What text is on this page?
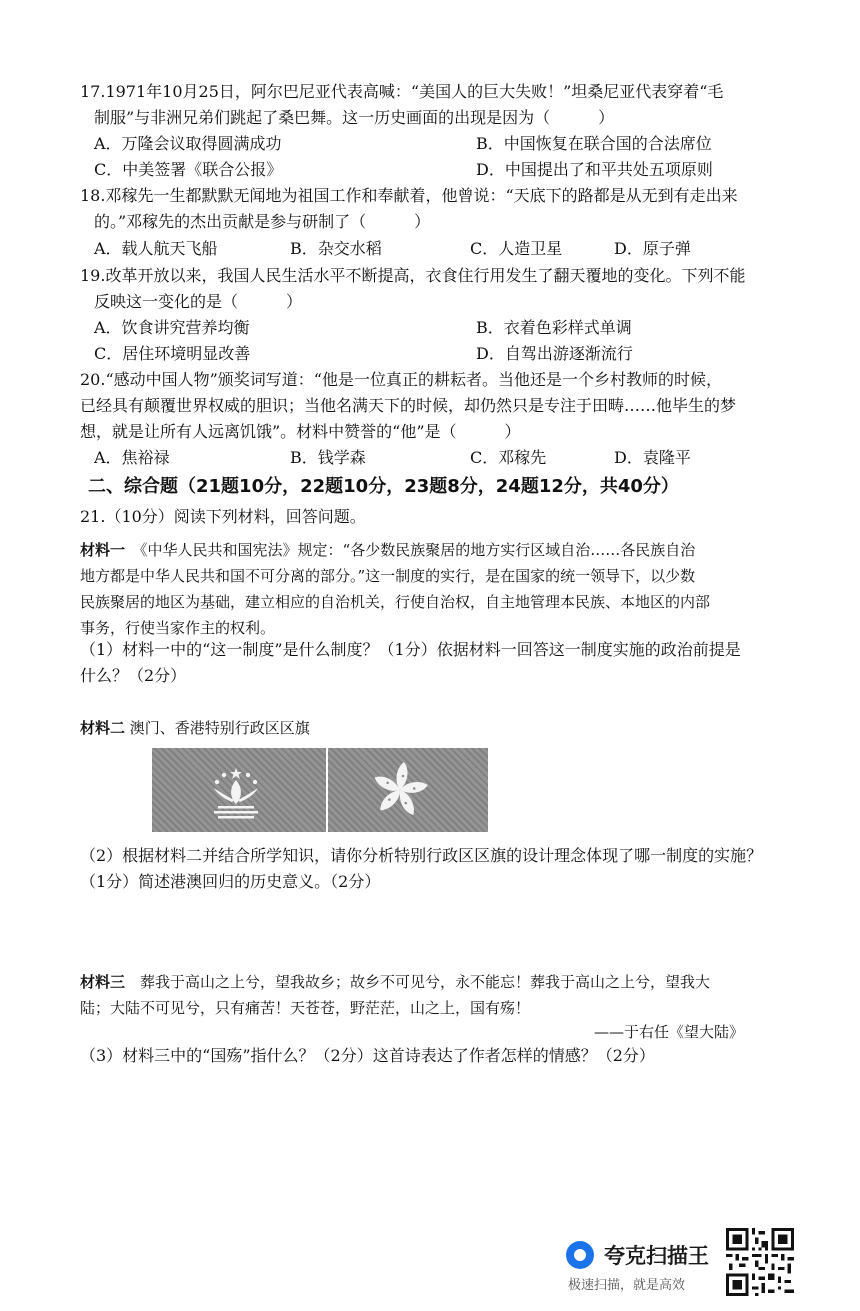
17.1971年10月25日，阿尔巴尼亚代表高喊：“美国人的巨大失败！”坦桑尼亚代表穿着“毛
制服”与非洲兄弟们跳起了桑巴舞。这一历史画面的出现是因为（　　　）
A．万隆会议取得圆满成功	B．中国恢复在联合国的合法席位
C．中美签署《联合公报》	D．中国提出了和平共处五项原则
18.邓稼先一生都默默无闻地为祖国工作和奉献着，他曾说：“天底下的路都是从无到有走出来
的。”邓稼先的杰出贡献是参与研制了（　　　）
A．载人航天飞船	B．杂交水稻	C．人造卫星	D．原子弹
19.改革开放以来，我国人民生活水平不断提高，衣食住行用发生了翻天覆地的变化。下列不能
反映这一变化的是（　　　）
A．饮食讲究营养均衡	B．衣着色彩样式单调
C．居住环境明显改善	D．自驾出游逐渐流行
20.“感动中国人物”颁奖词写道：“他是一位真正的耕耘者。当他还是一个乡村教师的时候，
已经具有颠覆世界权威的胆识；当他名满天下的时候，却仍然只是专注于田畴……他毕生的梦
想，就是让所有人远离饥饿”。材料中赞誉的“他”是（　　　）
A．焦裕禄	B．钱学森	C．邓稼先	D．袁隆平
二、综合题（21题10分，22题10分，23题8分，24题12分，共40分）
21.（10分）阅读下列材料，回答问题。
材料一　 《中华人民共和国宪法》规定：“各少数民族聚居的地方实行区域自治……各民族自治
地方都是中华人民共和国不可分离的部分。”这一制度的实行，是在国家的统一领导下，以少数
民族聚居的地区为基础，建立相应的自治机关，行使自治权，自主地管理本民族、本地区的内部
事务，行使当家作主的权利。
（1）材料一中的“这一制度”是什么制度？（1分）依据材料一回答这一制度实施的政治前提是
什么？（2分）
材料二 澳门、香港特别行政区区旗
（2）根据材料二并结合所学知识，请你分析特别行政区区旗的设计理念体现了哪一制度的实施？
（1分）简述港澳回归的历史意义。（2分）
材料三　 葬我于高山之上兮，望我故乡；故乡不可见兮，永不能忘！葬我于高山之上兮，望我大
陆；大陆不可见兮，只有痛苦！天苍苍，野茫茫，山之上，国有殇！
——于右任《望大陆》
（3）材料三中的“国殇”指什么？（2分）这首诗表达了作者怎样的情感？（2分）
夸克扫描王
极速扫描，就是高效
